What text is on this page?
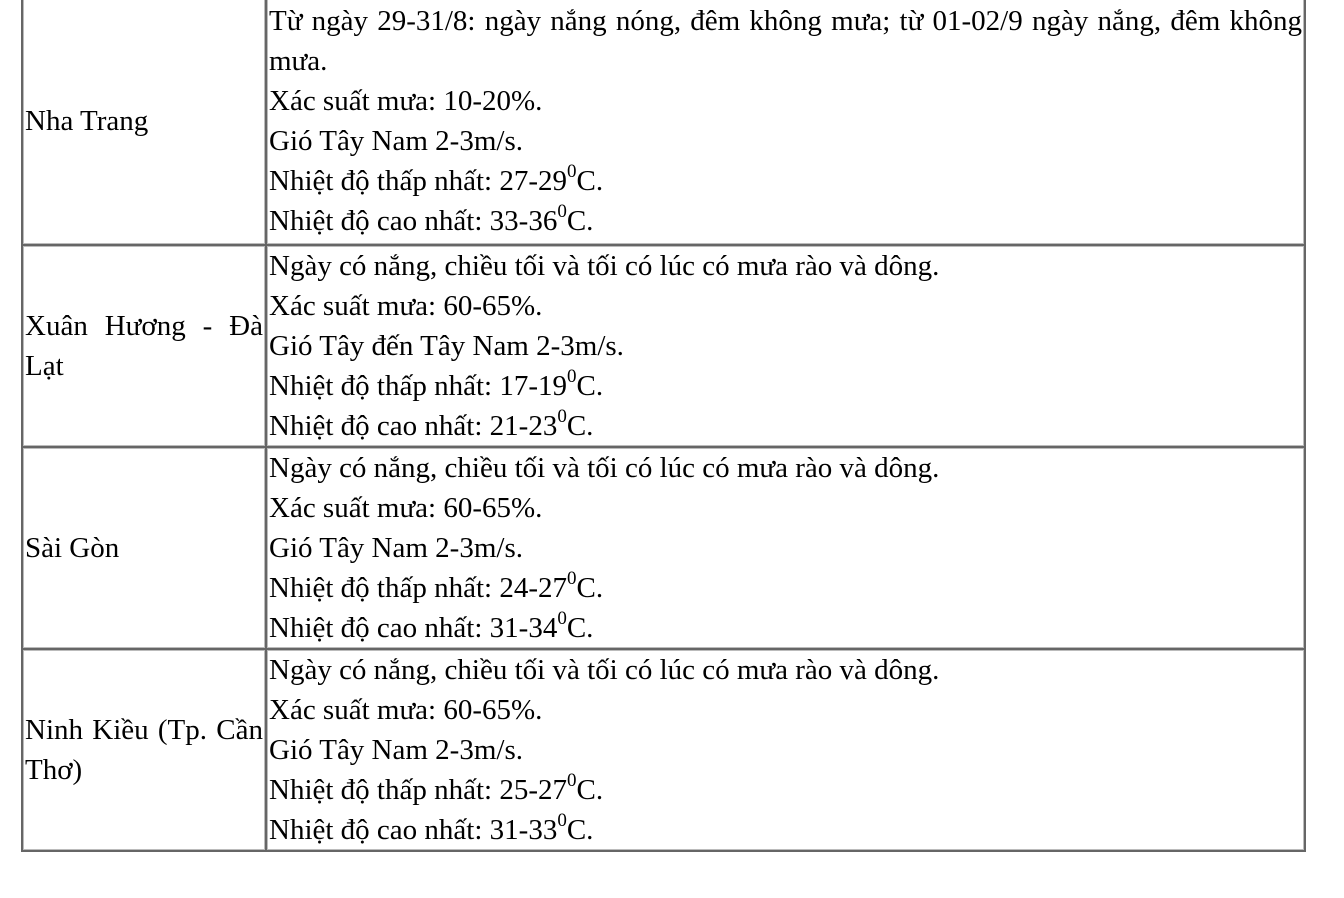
Nha Trang	Từ ngày 29-31/8: ngày nắng nóng, đêm không mưa; từ 01-02/9 ngày nắng, đêm không mưa.
Xác suất mưa: 10-20%.
Gió Tây Nam 2-3m/s.
Nhiệt độ thấp nhất: $27-29^0C$.
Nhiệt độ cao nhất: $33-36^0C$.

Xuân Hương - Đà Lạt	Ngày có nắng, chiều tối và tối có lúc có mưa rào và dông.
Xác suất mưa: 60-65%.
Gió Tây đến Tây Nam 2-3m/s.
Nhiệt độ thấp nhất: $17-19^0C$.
Nhiệt độ cao nhất: $21-23^0C$.

Sài Gòn	Ngày có nắng, chiều tối và tối có lúc có mưa rào và dông.
Xác suất mưa: 60-65%.
Gió Tây Nam 2-3m/s.
Nhiệt độ thấp nhất: $24-27^0C$.
Nhiệt độ cao nhất: $31-34^0C$.

Ninh Kiều (Tp. Cần Thơ)	Ngày có nắng, chiều tối và tối có lúc có mưa rào và dông.
Xác suất mưa: 60-65%.
Gió Tây Nam 2-3m/s.
Nhiệt độ thấp nhất: $25-27^0C$.
Nhiệt độ cao nhất: $31-33^0C$.
